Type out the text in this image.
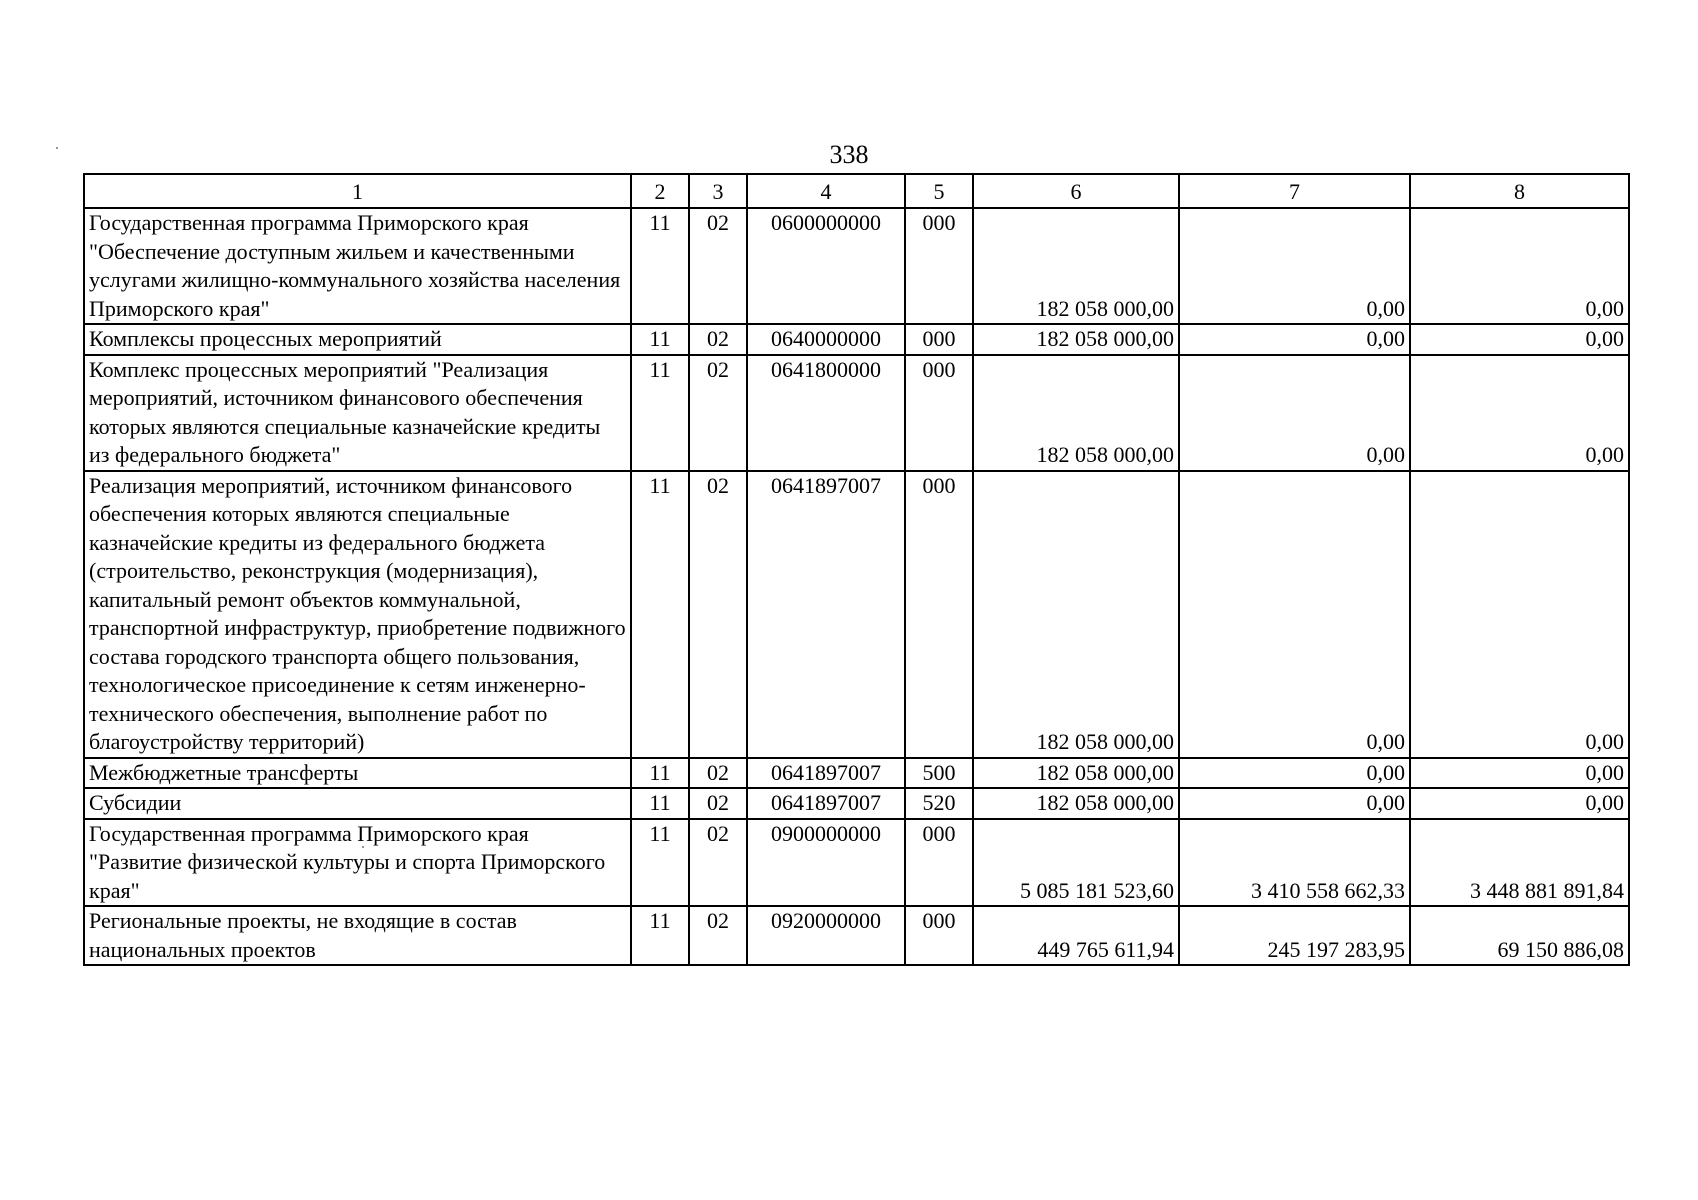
338
1	2	3	4	5	6	7	8
Государственная программа Приморского края "Обеспечение доступным жильем и качественными услугами жилищно-коммунального хозяйства населения Приморского края"	11	02	0600000000	000	182 058 000,00	0,00	0,00
Комплексы процессных мероприятий	11	02	0640000000	000	182 058 000,00	0,00	0,00
Комплекс процессных мероприятий "Реализация мероприятий, источником финансового обеспечения которых являются специальные казначейские кредиты из федерального бюджета"	11	02	0641800000	000	182 058 000,00	0,00	0,00
Реализация мероприятий, источником финансового обеспечения которых являются специальные казначейские кредиты из федерального бюджета (строительство, реконструкция (модернизация), капитальный ремонт объектов коммунальной, транспортной инфраструктур, приобретение подвижного состава городского транспорта общего пользования, технологическое присоединение к сетям инженерно-технического обеспечения, выполнение работ по благоустройству территорий)	11	02	0641897007	000	182 058 000,00	0,00	0,00
Межбюджетные трансферты	11	02	0641897007	500	182 058 000,00	0,00	0,00
Субсидии	11	02	0641897007	520	182 058 000,00	0,00	0,00
Государственная программа Приморского края "Развитие физической культуры и спорта Приморского края"	11	02	0900000000	000	5 085 181 523,60	3 410 558 662,33	3 448 881 891,84
Региональные проекты, не входящие в состав национальных проектов	11	02	0920000000	000	449 765 611,94	245 197 283,95	69 150 886,08
